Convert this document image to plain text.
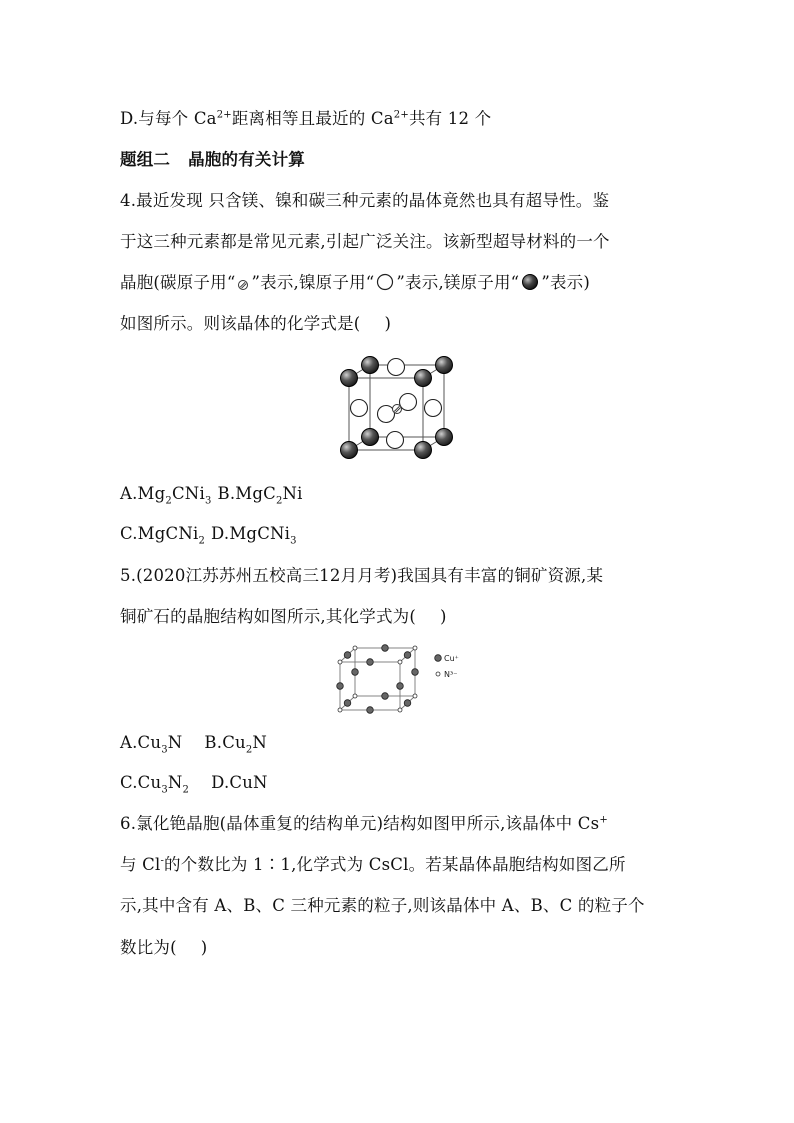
D.与每个 $Ca^{2+}$距离相等且最近的 $Ca^{2+}$共有 12 个
题组二 晶胞的有关计算
4.最近发现 只含镁、镍和碳三种元素的晶体竟然也具有超导性。鉴
于这三种元素都是常见元素,引起广泛关注。该新型超导材料的一个
晶胞(碳原子用“ ”表示,镍原子用“ ”表示,镁原子用“ ”表示)
如图所示。则该晶体的化学式是( )
$A.Mg_2CNi_3$ B.MgC$_2$Ni
C.MgCNi$_2$ D.MgCNi$_3$
5.(2020江苏苏州五校高三12月月考)我国具有丰富的铜矿资源,某
铜矿石的晶胞结构如图所示,其化学式为( )
Cu⁺
N³⁻
$A.Cu_3N$ $B.Cu_2N$
$C.Cu_3N_2$ D.CuN
6.氯化铯晶胞(晶体重复的结构单元)结构如图甲所示,该晶体中 Cs+
与 Cl-的个数比为 1∶1,化学式为 CsCl。若某晶体晶胞结构如图乙所
示,其中含有 A、B、C 三种元素的粒子,则该晶体中 A、B、C 的粒子个
数比为( )
